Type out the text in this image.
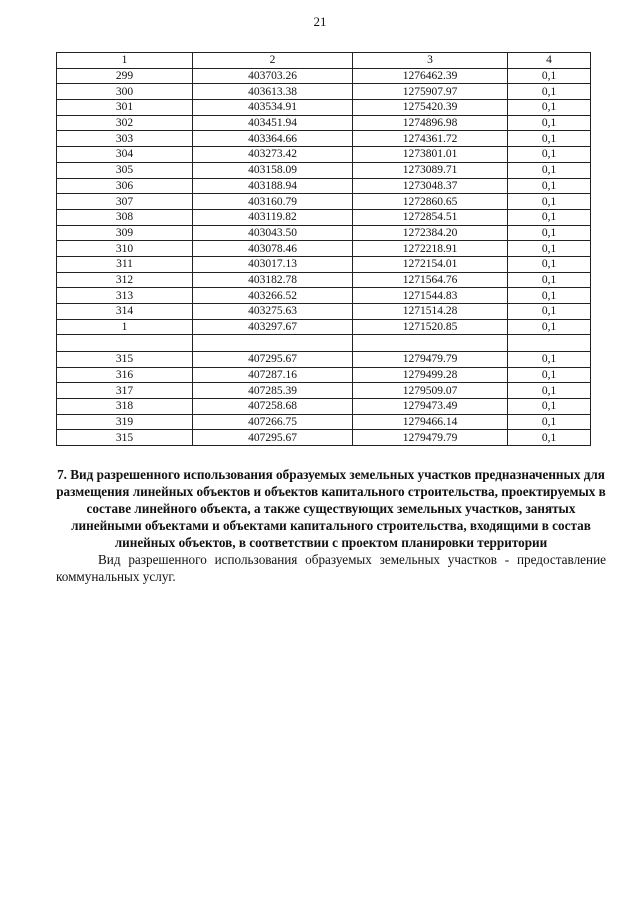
21
1	2	3	4
299	403703.26	1276462.39	0,1
300	403613.38	1275907.97	0,1
301	403534.91	1275420.39	0,1
302	403451.94	1274896.98	0,1
303	403364.66	1274361.72	0,1
304	403273.42	1273801.01	0,1
305	403158.09	1273089.71	0,1
306	403188.94	1273048.37	0,1
307	403160.79	1272860.65	0,1
308	403119.82	1272854.51	0,1
309	403043.50	1272384.20	0,1
310	403078.46	1272218.91	0,1
311	403017.13	1272154.01	0,1
312	403182.78	1271564.76	0,1
313	403266.52	1271544.83	0,1
314	403275.63	1271514.28	0,1
1	403297.67	1271520.85	0,1

315	407295.67	1279479.79	0,1
316	407287.16	1279499.28	0,1
317	407285.39	1279509.07	0,1
318	407258.68	1279473.49	0,1
319	407266.75	1279466.14	0,1
315	407295.67	1279479.79	0,1

7. Вид разрешенного использования образуемых земельных участков предназначенных для размещения линейных объектов и объектов капитального строительства, проектируемых в составе линейного объекта, а также существующих земельных участков, занятых линейными объектами и объектами капитального строительства, входящими в состав линейных объектов, в соответствии с проектом планировки территории

Вид разрешенного использования образуемых земельных участков - предоставление коммунальных услуг.
